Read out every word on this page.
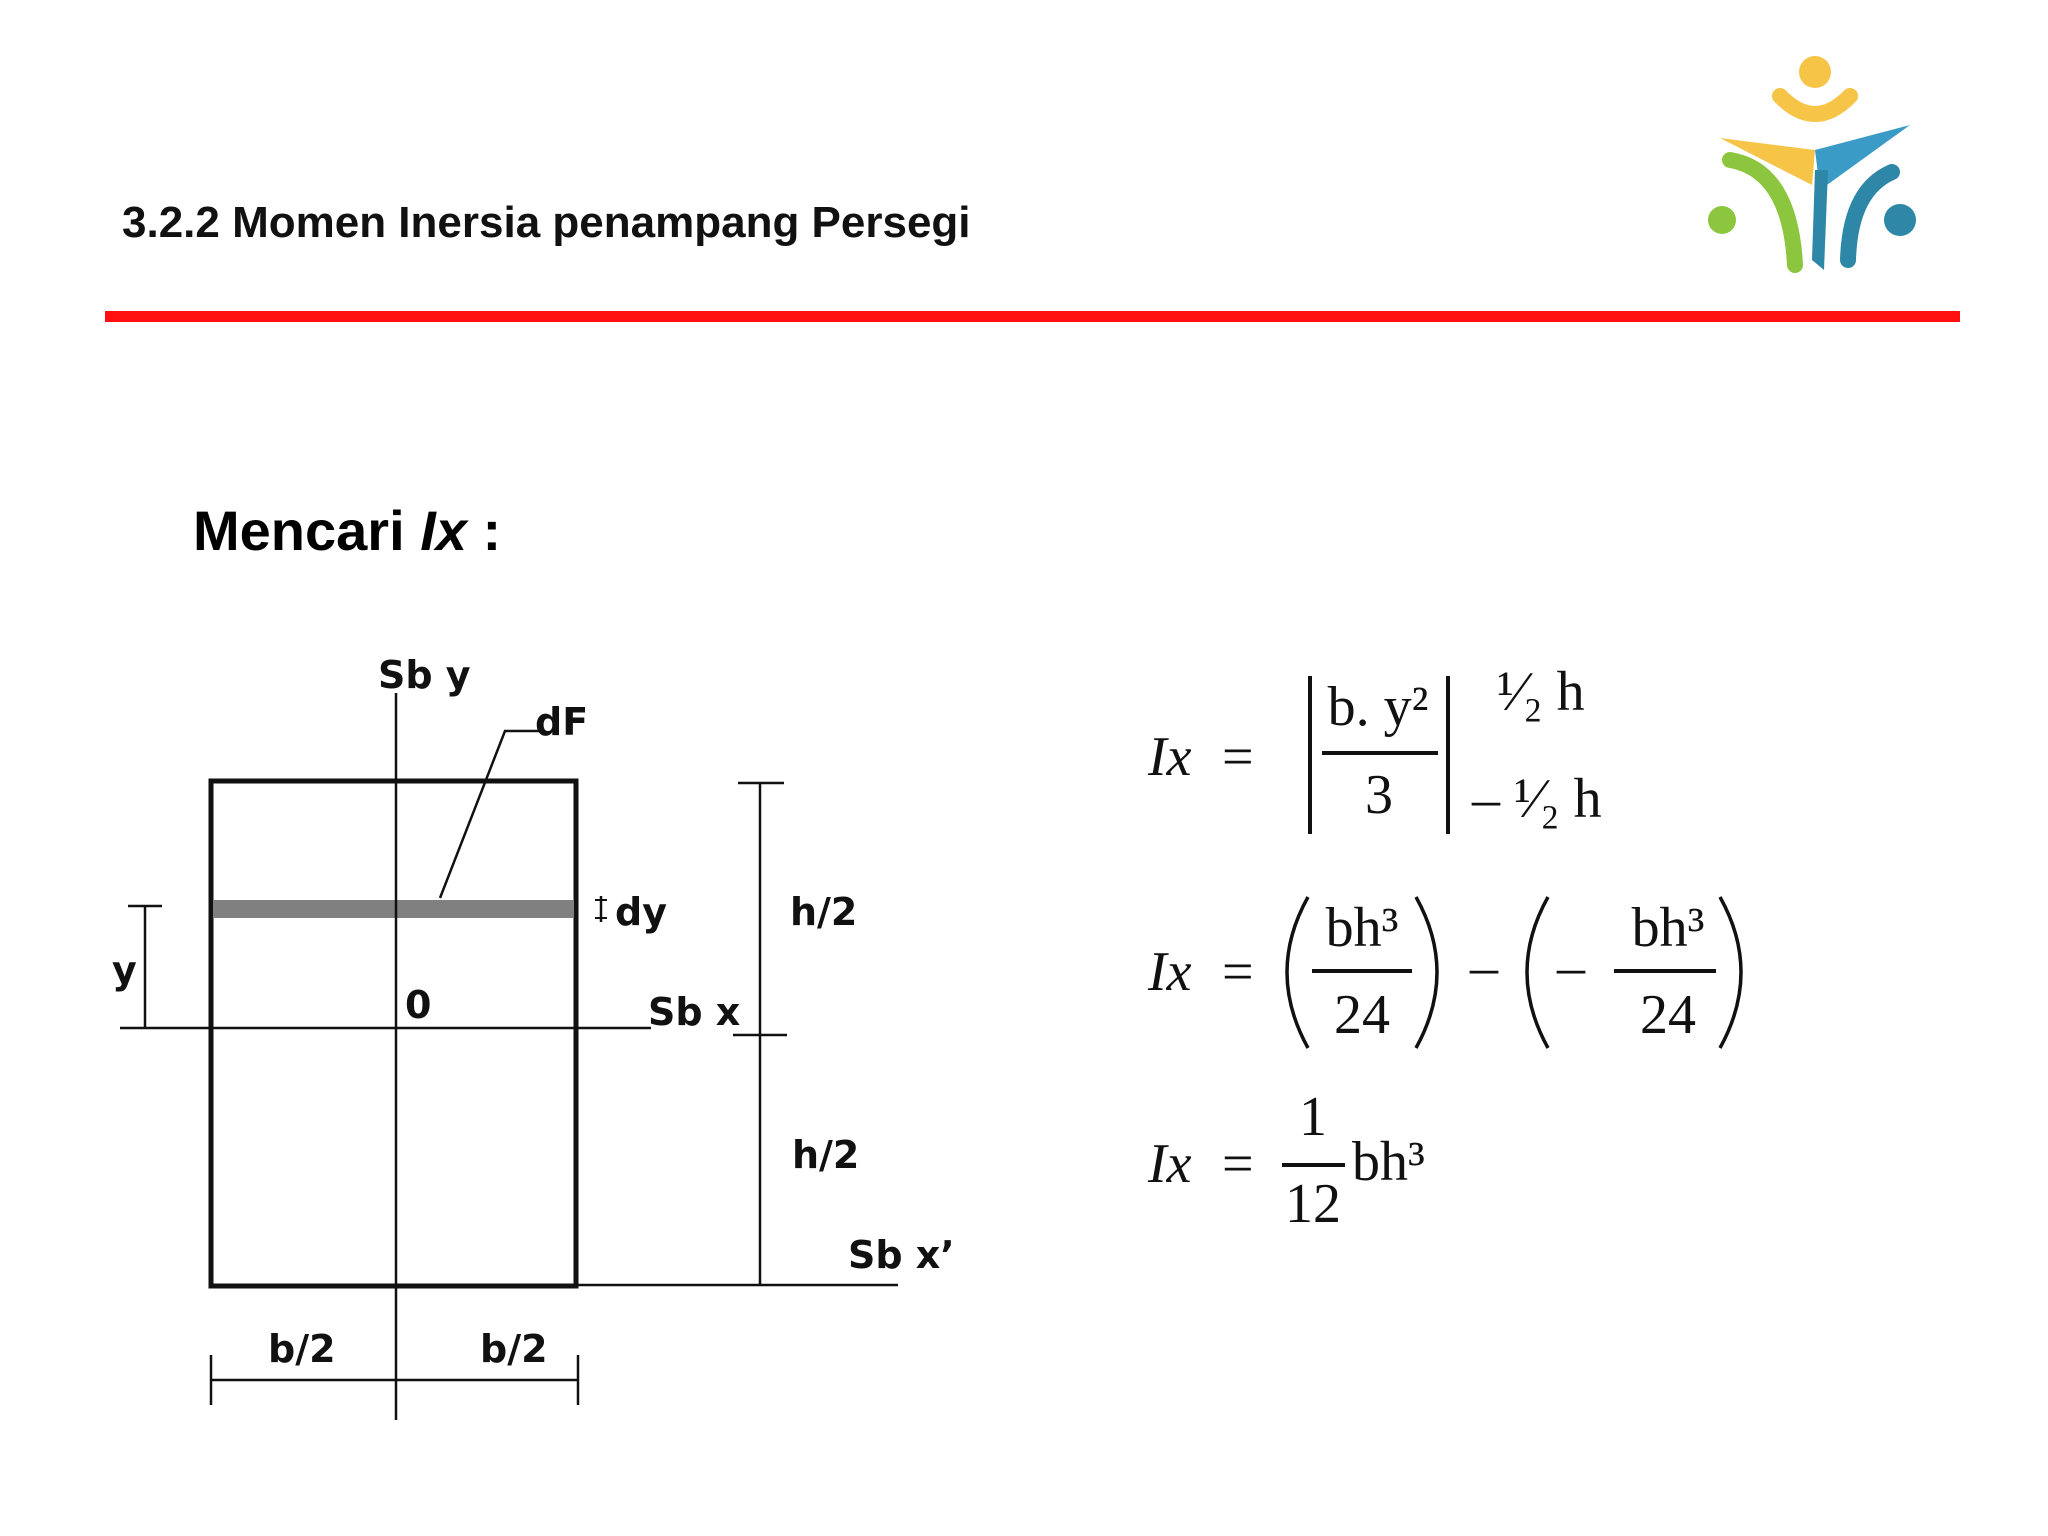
3.2.2 Momen Inersia penampang Persegi
Mencari Ix :
Sb y
dF
dy	h/2
y
0	Sb x
h/2
Sb x’
b/2	b/2
Ix =
b. y²
3
¹⁄₂ h
– ¹⁄₂ h
Ix =
bh³
24
– –
bh³
24
Ix =
1
12
bh³
